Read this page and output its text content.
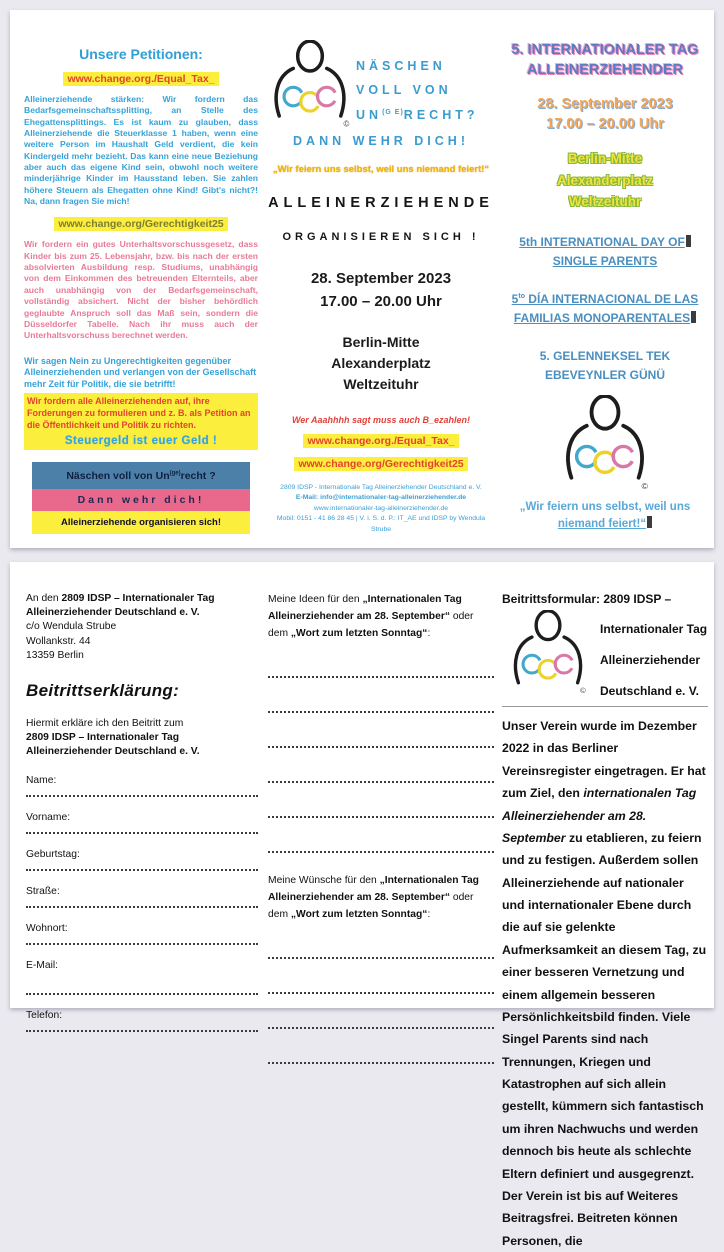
Unsere Petitionen:
www.change.org./Equal_Tax_
Alleinerziehende stärken: Wir fordern das Bedarfsgemeinschaftssplitting, an Stelle des Ehegattensplittings. Es ist kaum zu glauben, dass Alleinerziehende die Steuerklasse 1 haben, wenn eine weitere Person im Haushalt Geld verdient, die kein Kindergeld mehr bezieht. Das kann eine neue Beziehung aber auch das eigene Kind sein, obwohl noch weitere minderjährige Kinder im Hausstand leben. Sie zahlen höhere Steuern als Ehegatten ohne Kind! Gibt's nicht?! Na, dann fragen Sie mich!
www.change.org/Gerechtigkeit25
Wir fordern ein gutes Unterhaltsvorschussgesetz, dass Kinder bis zum 25. Lebensjahr, bzw. bis nach der ersten absolvierten Ausbildung resp. Studiums, unabhängig von dem Einkommen des betreuenden Elternteils, aber auch unabhängig von der Bedarfsgemeinschaft, vollständig absichert. Nicht der bisher behördlich geglaubte Anspruch soll das Maß sein, sondern die Düsseldorfer Tabelle. Nach ihr muss auch der Unterhaltsvorschuss berechnet werden.
Wir sagen Nein zu Ungerechtigkeiten gegenüber Alleinerziehenden und verlangen von der Gesellschaft mehr Zeit für Politik, die sie betrifft!
Wir fordern alle Alleinerziehenden auf, ihre Forderungen zu formulieren und z. B. als Petition an die Öffentlichkeit und Politik zu richten.
Steuergeld ist euer Geld !
Näschen voll von $Un^{(ge)}recht$ ?
Dann wehr dich!
Alleinerziehende organisieren sich!
©
NÄSCHEN
VOLL VON
$UN^{(G E)}RECHT$?
DANN WEHR DICH!
„Wir feiern uns selbst, weil uns niemand feiert!“
ALLEINERZIEHENDE
ORGANISIEREN SICH !
28. September 2023
17.00 – 20.00 Uhr
Berlin-Mitte
Alexanderplatz
Weltzeituhr
Wer Aaahhhh sagt muss auch B_ezahlen!
www.change.org./Equal_Tax_
www.change.org/Gerechtigkeit25
2809 IDSP - Internationale Tag Alleinerziehender Deutschland e. V.
E-Mail: info@internationaler-tag-alleinerziehender.de
www.internationaler-tag-alleinerziehender.de
Mobil: 0151 - 41 86 28 45 | V. i. S. d. P.: IT_AE und IDSP by Wendula Strube
5. INTERNATIONALER TAG
ALLEINERZIEHENDER
28. September 2023
17.00 – 20.00 Uhr
Berlin-Mitte
Alexanderplatz
Weltzeituhr
5th INTERNATIONAL DAY OF
SINGLE PARENTS
$5^{to}$ DÍA INTERNACIONAL DE LAS
FAMILIAS MONOPARENTALES
5. GELENNEKSEL TEK
EBEVEYNLER GÜNÜ
©
„Wir feiern uns selbst, weil uns
niemand feiert!“
An den 2809 IDSP – Internationaler Tag
Alleinerziehender Deutschland e. V.
c/o Wendula Strube
Wollankstr. 44
13359 Berlin
Beitrittserklärung:
Hiermit erkläre ich den Beitritt zum
2809 IDSP – Internationaler Tag
Alleinerziehender Deutschland e. V.
Name:
Vorname:
Geburtstag:
Straße:
Wohnort:
E-Mail:
Telefon:
Meine Ideen für den „Internationalen Tag Alleinerziehender am 28. September“ oder dem „Wort zum letzten Sonntag“:
Meine Wünsche für den „Internationalen Tag Alleinerziehender am 28. September“ oder dem „Wort zum letzten Sonntag“:
Beitrittsformular: 2809 IDSP –
©
Internationaler Tag
Alleinerziehender
Deutschland e. V.
Unser Verein wurde im Dezember 2022 in das Berliner Vereinsregister eingetragen. Er hat zum Ziel, den internationalen Tag Alleinerziehender am 28. September zu etablieren, zu feiern und zu festigen. Außerdem sollen Alleinerziehende auf nationaler und internationaler Ebene durch die auf sie gelenkte Aufmerksamkeit an diesem Tag, zu einer besseren Vernetzung und einem allgemein besseren Persönlichkeitsbild finden. Viele Singel Parents sind nach Trennungen, Kriegen und Katastrophen auf sich allein gestellt, kümmern sich fantastisch um ihren Nachwuchs und werden dennoch bis heute als schlechte Eltern definiert und ausgegrenzt. Der Verein ist bis auf Weiteres Beitragsfrei. Beitreten können Personen, die
